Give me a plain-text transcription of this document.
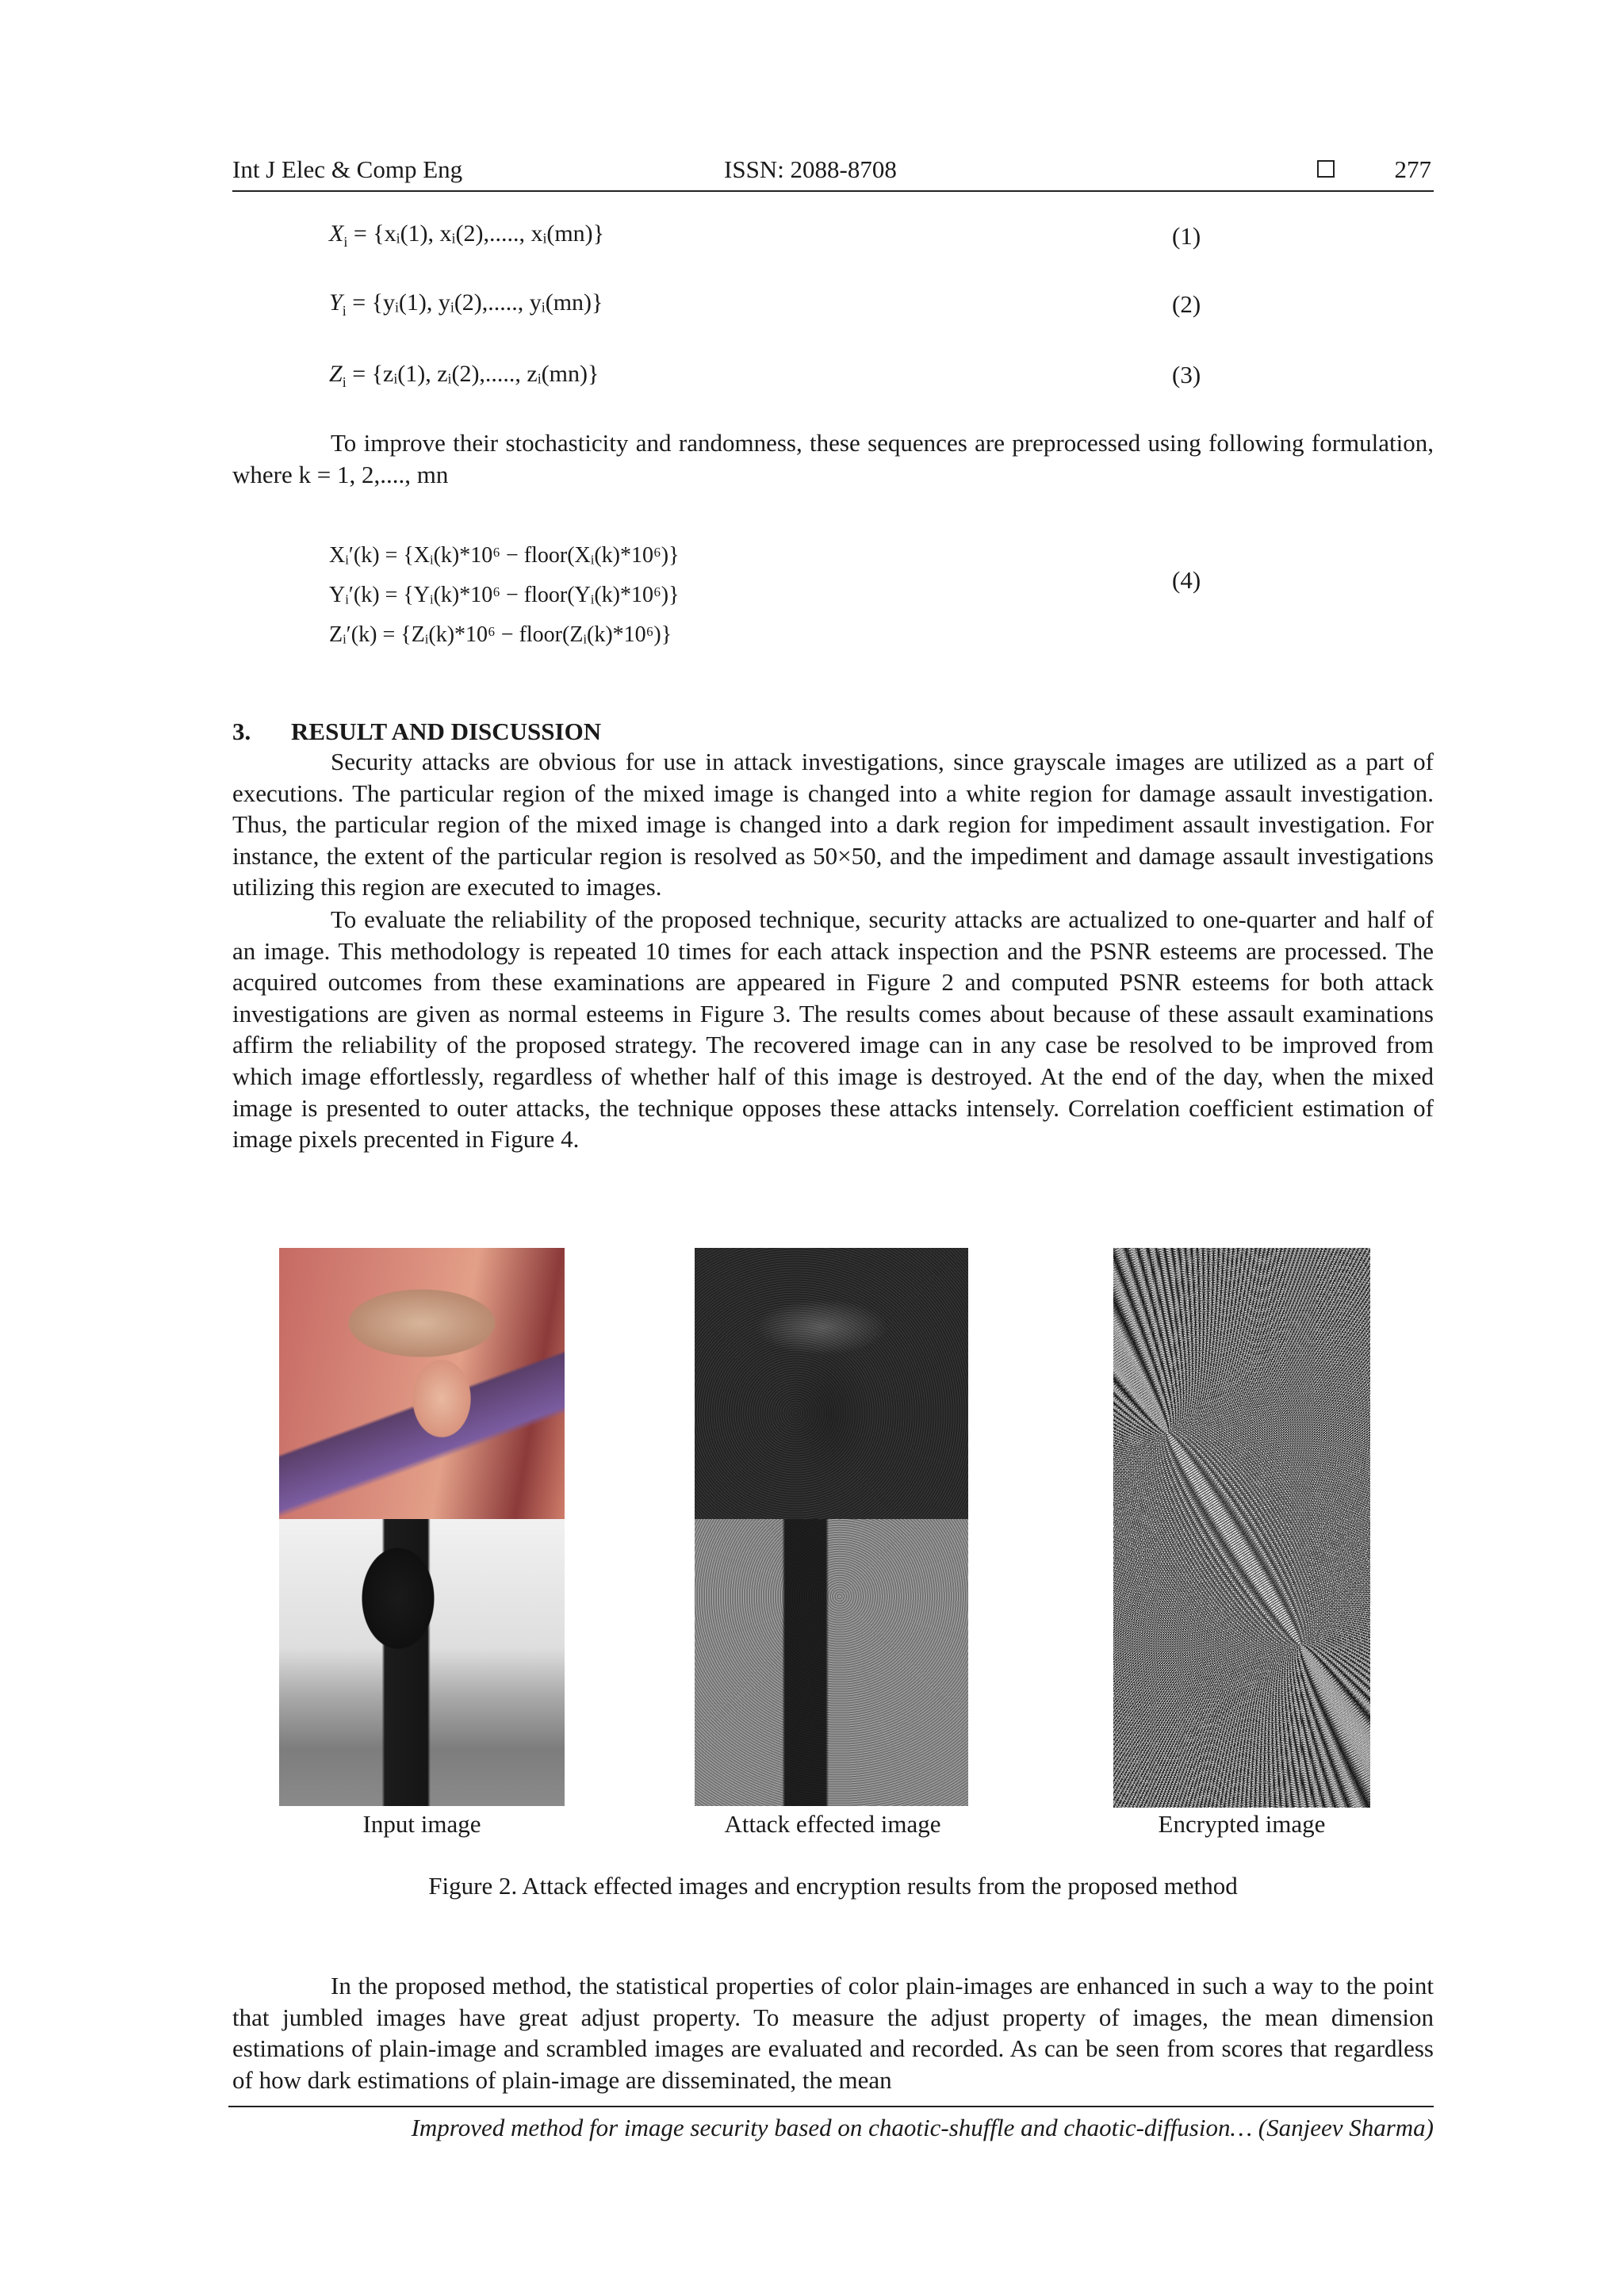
Int J Elec & Comp Eng	ISSN: 2088-8708	277
$X_i$ = {xᵢ(1), xᵢ(2),....., xᵢ(mn)}	(1)
$Y_i$ = {yᵢ(1), yᵢ(2),....., yᵢ(mn)}	(2)
$Z_i$ = {zᵢ(1), zᵢ(2),....., zᵢ(mn)}	(3)
To improve their stochasticity and randomness, these sequences are preprocessed using following formulation, where k = 1, 2,...., mn
Xᵢ′(k) = {Xᵢ(k)*10⁶ − floor(Xᵢ(k)*10⁶)}
Yᵢ′(k) = {Yᵢ(k)*10⁶ − floor(Yᵢ(k)*10⁶)}
Zᵢ′(k) = {Zᵢ(k)*10⁶ − floor(Zᵢ(k)*10⁶)}
(4)
3. RESULT AND DISCUSSION
Security attacks are obvious for use in attack investigations, since grayscale images are utilized as a part of executions. The particular region of the mixed image is changed into a white region for damage assault investigation. Thus, the particular region of the mixed image is changed into a dark region for impediment assault investigation. For instance, the extent of the particular region is resolved as 50×50, and the impediment and damage assault investigations utilizing this region are executed to images.
To evaluate the reliability of the proposed technique, security attacks are actualized to one-quarter and half of an image. This methodology is repeated 10 times for each attack inspection and the PSNR esteems are processed. The acquired outcomes from these examinations are appeared in Figure 2 and computed PSNR esteems for both attack investigations are given as normal esteems in Figure 3. The results comes about because of these assault examinations affirm the reliability of the proposed strategy. The recovered image can in any case be resolved to be improved from which image effortlessly, regardless of whether half of this image is destroyed. At the end of the day, when the mixed image is presented to outer attacks, the technique opposes these attacks intensely. Correlation coefficient estimation of image pixels precented in Figure 4.
Input image	Attack effected image	Encrypted image
Figure 2. Attack effected images and encryption results from the proposed method
In the proposed method, the statistical properties of color plain-images are enhanced in such a way to the point that jumbled images have great adjust property. To measure the adjust property of images, the mean dimension estimations of plain-image and scrambled images are evaluated and recorded. As can be seen from scores that regardless of how dark estimations of plain-image are disseminated, the mean
Improved method for image security based on chaotic-shuffle and chaotic-diffusion… (Sanjeev Sharma)
